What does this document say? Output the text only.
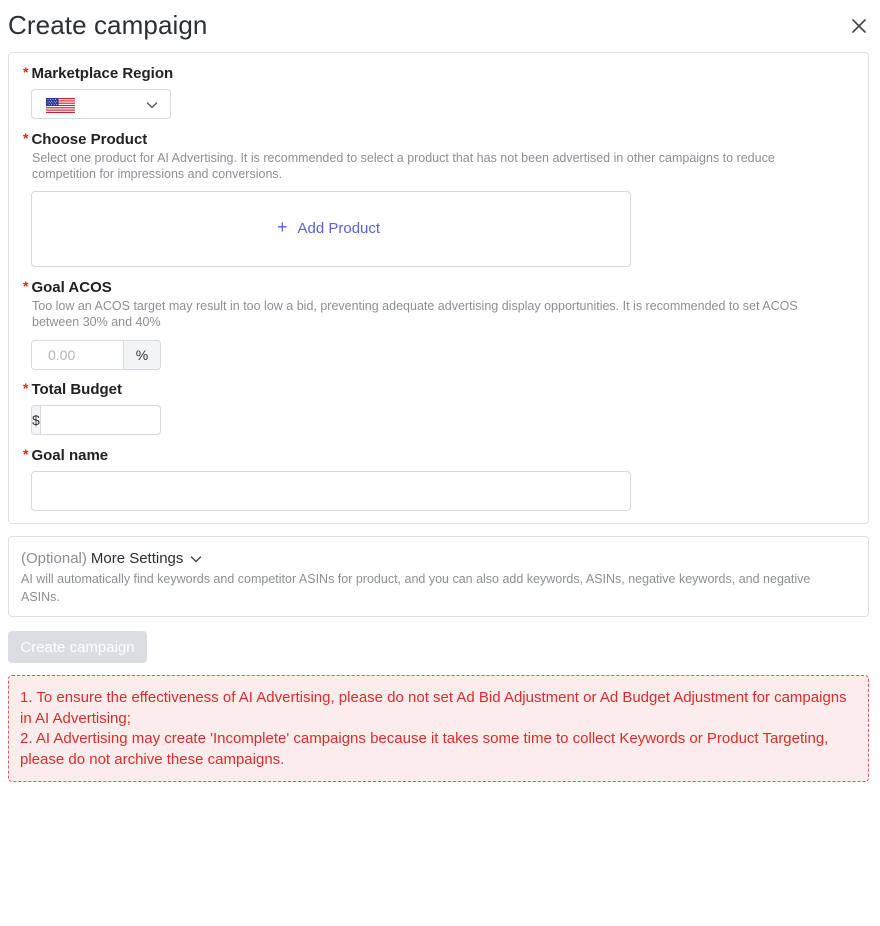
Create campaign
* Marketplace Region
* Choose Product
Select one product for AI Advertising. It is recommended to select a product that has not been advertised in other campaigns to reduce competition for impressions and conversions.
+ Add Product
* Goal ACOS
Too low an ACOS target may result in too low a bid, preventing adequate advertising display opportunities. It is recommended to set ACOS between 30% and 40%
0.00
%
* Total Budget
$
* Goal name
(Optional) More Settings
AI will automatically find keywords and competitor ASINs for product, and you can also add keywords, ASINs, negative keywords, and negative ASINs.
Create campaign

1. To ensure the effectiveness of AI Advertising, please do not set Ad Bid Adjustment or Ad Budget Adjustment for campaigns in AI Advertising;

2. AI Advertising may create 'Incomplete' campaigns because it takes some time to collect Keywords or Product Targeting, please do not archive these campaigns.
